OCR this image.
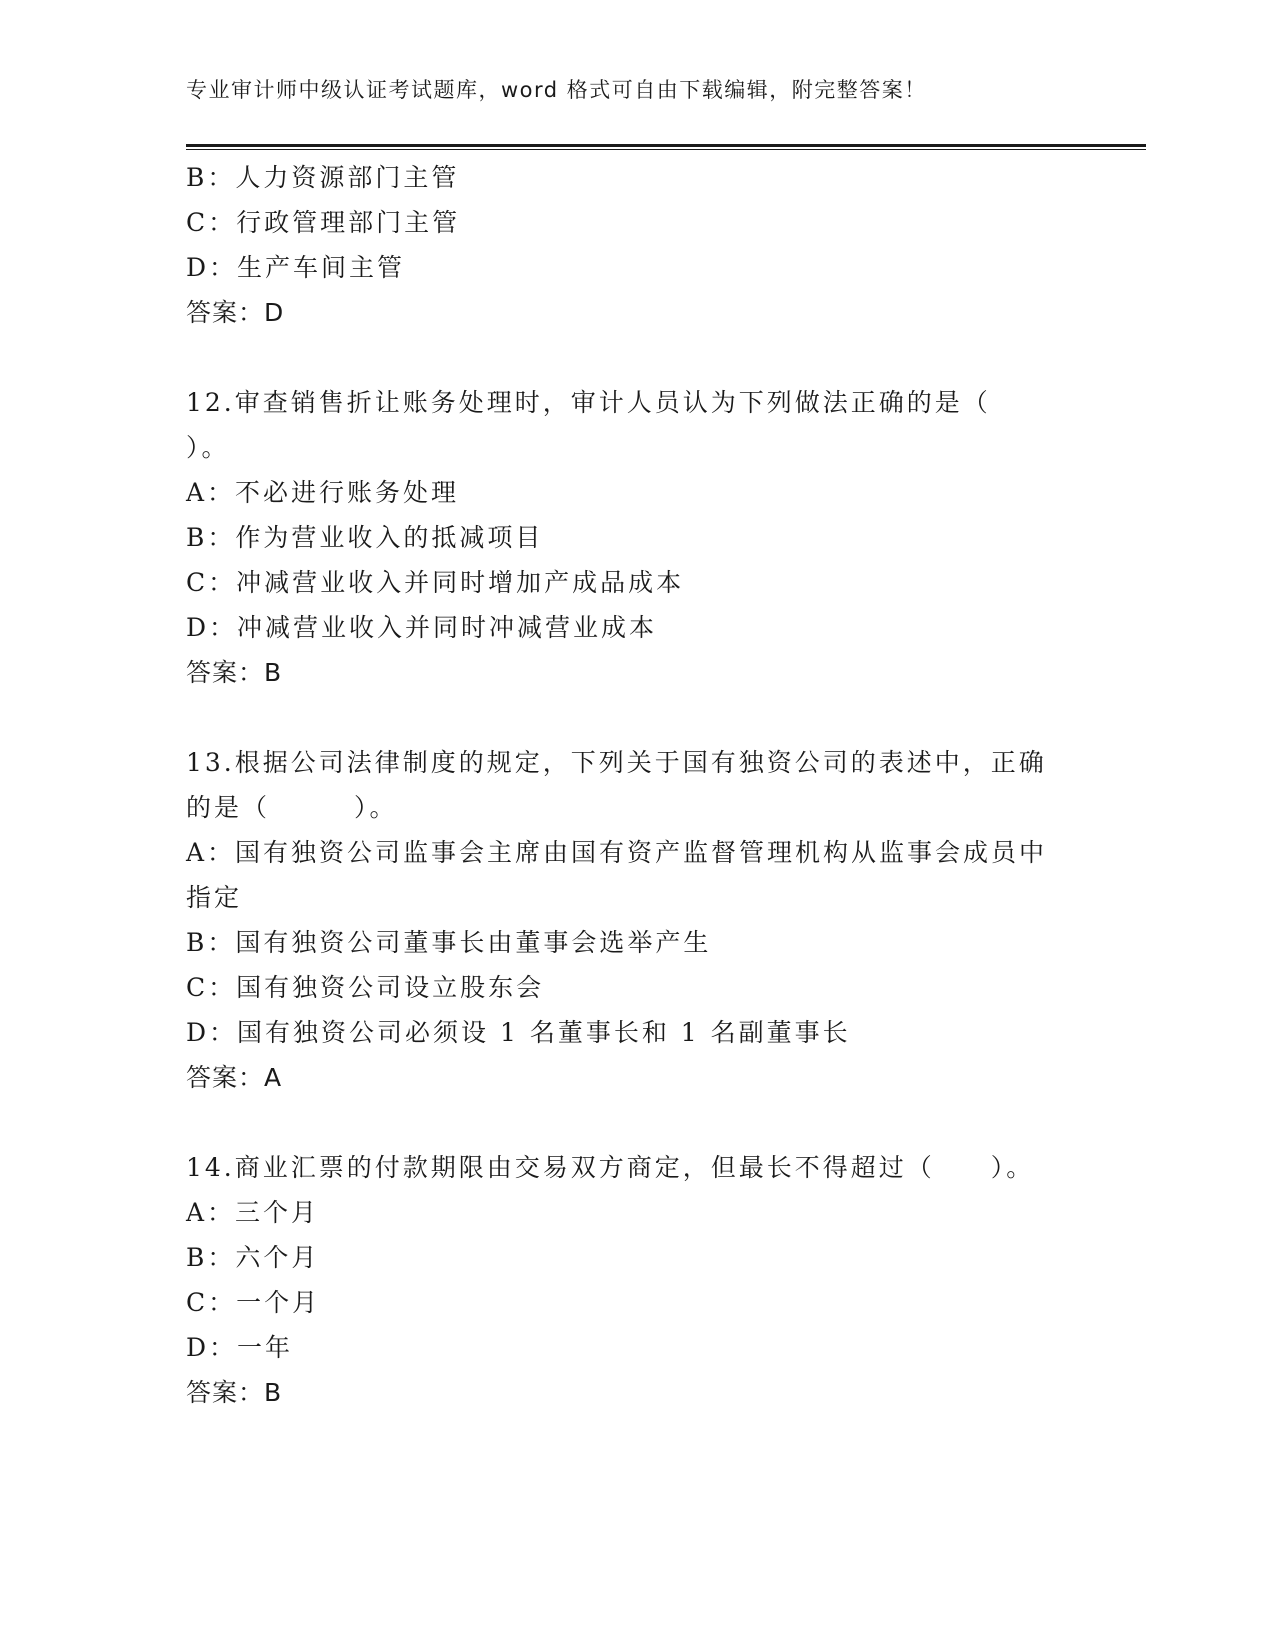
专业审计师中级认证考试题库，word 格式可自由下载编辑，附完整答案！
B：人力资源部门主管
C：行政管理部门主管
D：生产车间主管
答案：D
12.审查销售折让账务处理时，审计人员认为下列做法正确的是（
）。
A：不必进行账务处理
B：作为营业收入的抵减项目
C：冲减营业收入并同时增加产成品成本
D：冲减营业收入并同时冲减营业成本
答案：B
13.根据公司法律制度的规定，下列关于国有独资公司的表述中，正确
的是（　　　）。
A：国有独资公司监事会主席由国有资产监督管理机构从监事会成员中
指定
B：国有独资公司董事长由董事会选举产生
C：国有独资公司设立股东会
D：国有独资公司必须设 1 名董事长和 1 名副董事长
答案：A
14.商业汇票的付款期限由交易双方商定，但最长不得超过（　　）。
A：三个月
B：六个月
C：一个月
D：一年
答案：B
